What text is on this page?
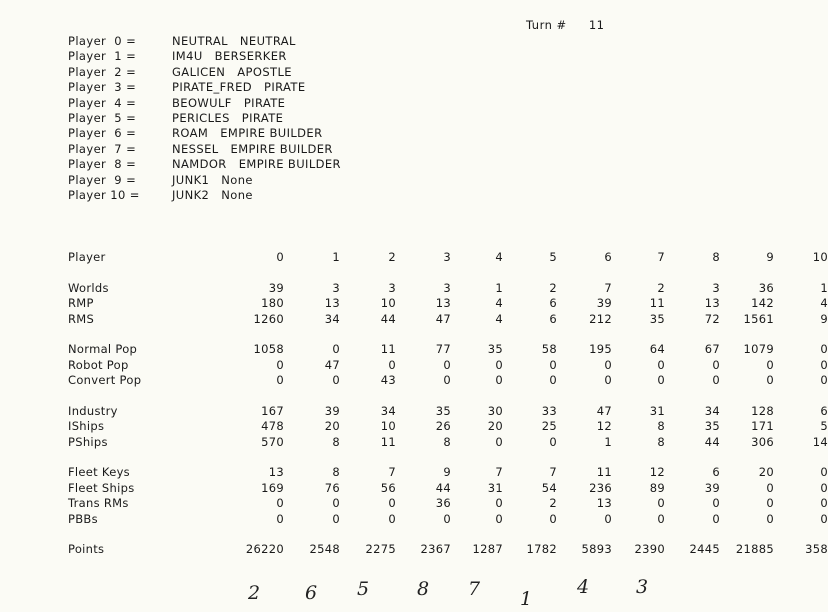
Turn # 11
Player  0 =	NEUTRAL NEUTRAL
Player  1 =	IM4U BERSERKER
Player  2 =	GALICEN APOSTLE
Player  3 =	PIRATE_FRED PIRATE
Player  4 =	BEOWULF PIRATE
Player  5 =	PERICLES PIRATE
Player  6 =	ROAM EMPIRE BUILDER
Player  7 =	NESSEL EMPIRE BUILDER
Player  8 =	NAMDOR EMPIRE BUILDER
Player  9 =	JUNK1 None
Player 10 =	JUNK2 None
Player	0	1	2	3	4	5	6	7	8	9	10
Worlds	39	3	3	3	1	2	7	2	3	36	1
RMP	180	13	10	13	4	6	39	11	13	142	4
RMS	1260	34	44	47	4	6	212	35	72	1561	9
Normal Pop	1058	0	11	77	35	58	195	64	67	1079	0
Robot Pop	0	47	0	0	0	0	0	0	0	0	0
Convert Pop	0	0	43	0	0	0	0	0	0	0	0
Industry	167	39	34	35	30	33	47	31	34	128	6
IShips	478	20	10	26	20	25	12	8	35	171	5
PShips	570	8	11	8	0	0	1	8	44	306	14
Fleet Keys	13	8	7	9	7	7	11	12	6	20	0
Fleet Ships	169	76	56	44	31	54	236	89	39	0	0
Trans RMs	0	0	0	36	0	2	13	0	0	0	0
PBBs	0	0	0	0	0	0	0	0	0	0	0
Points	26220	2548	2275	2367	1287	1782	5893	2390	2445	21885	358
2 6 5	8 7 1
4 3
